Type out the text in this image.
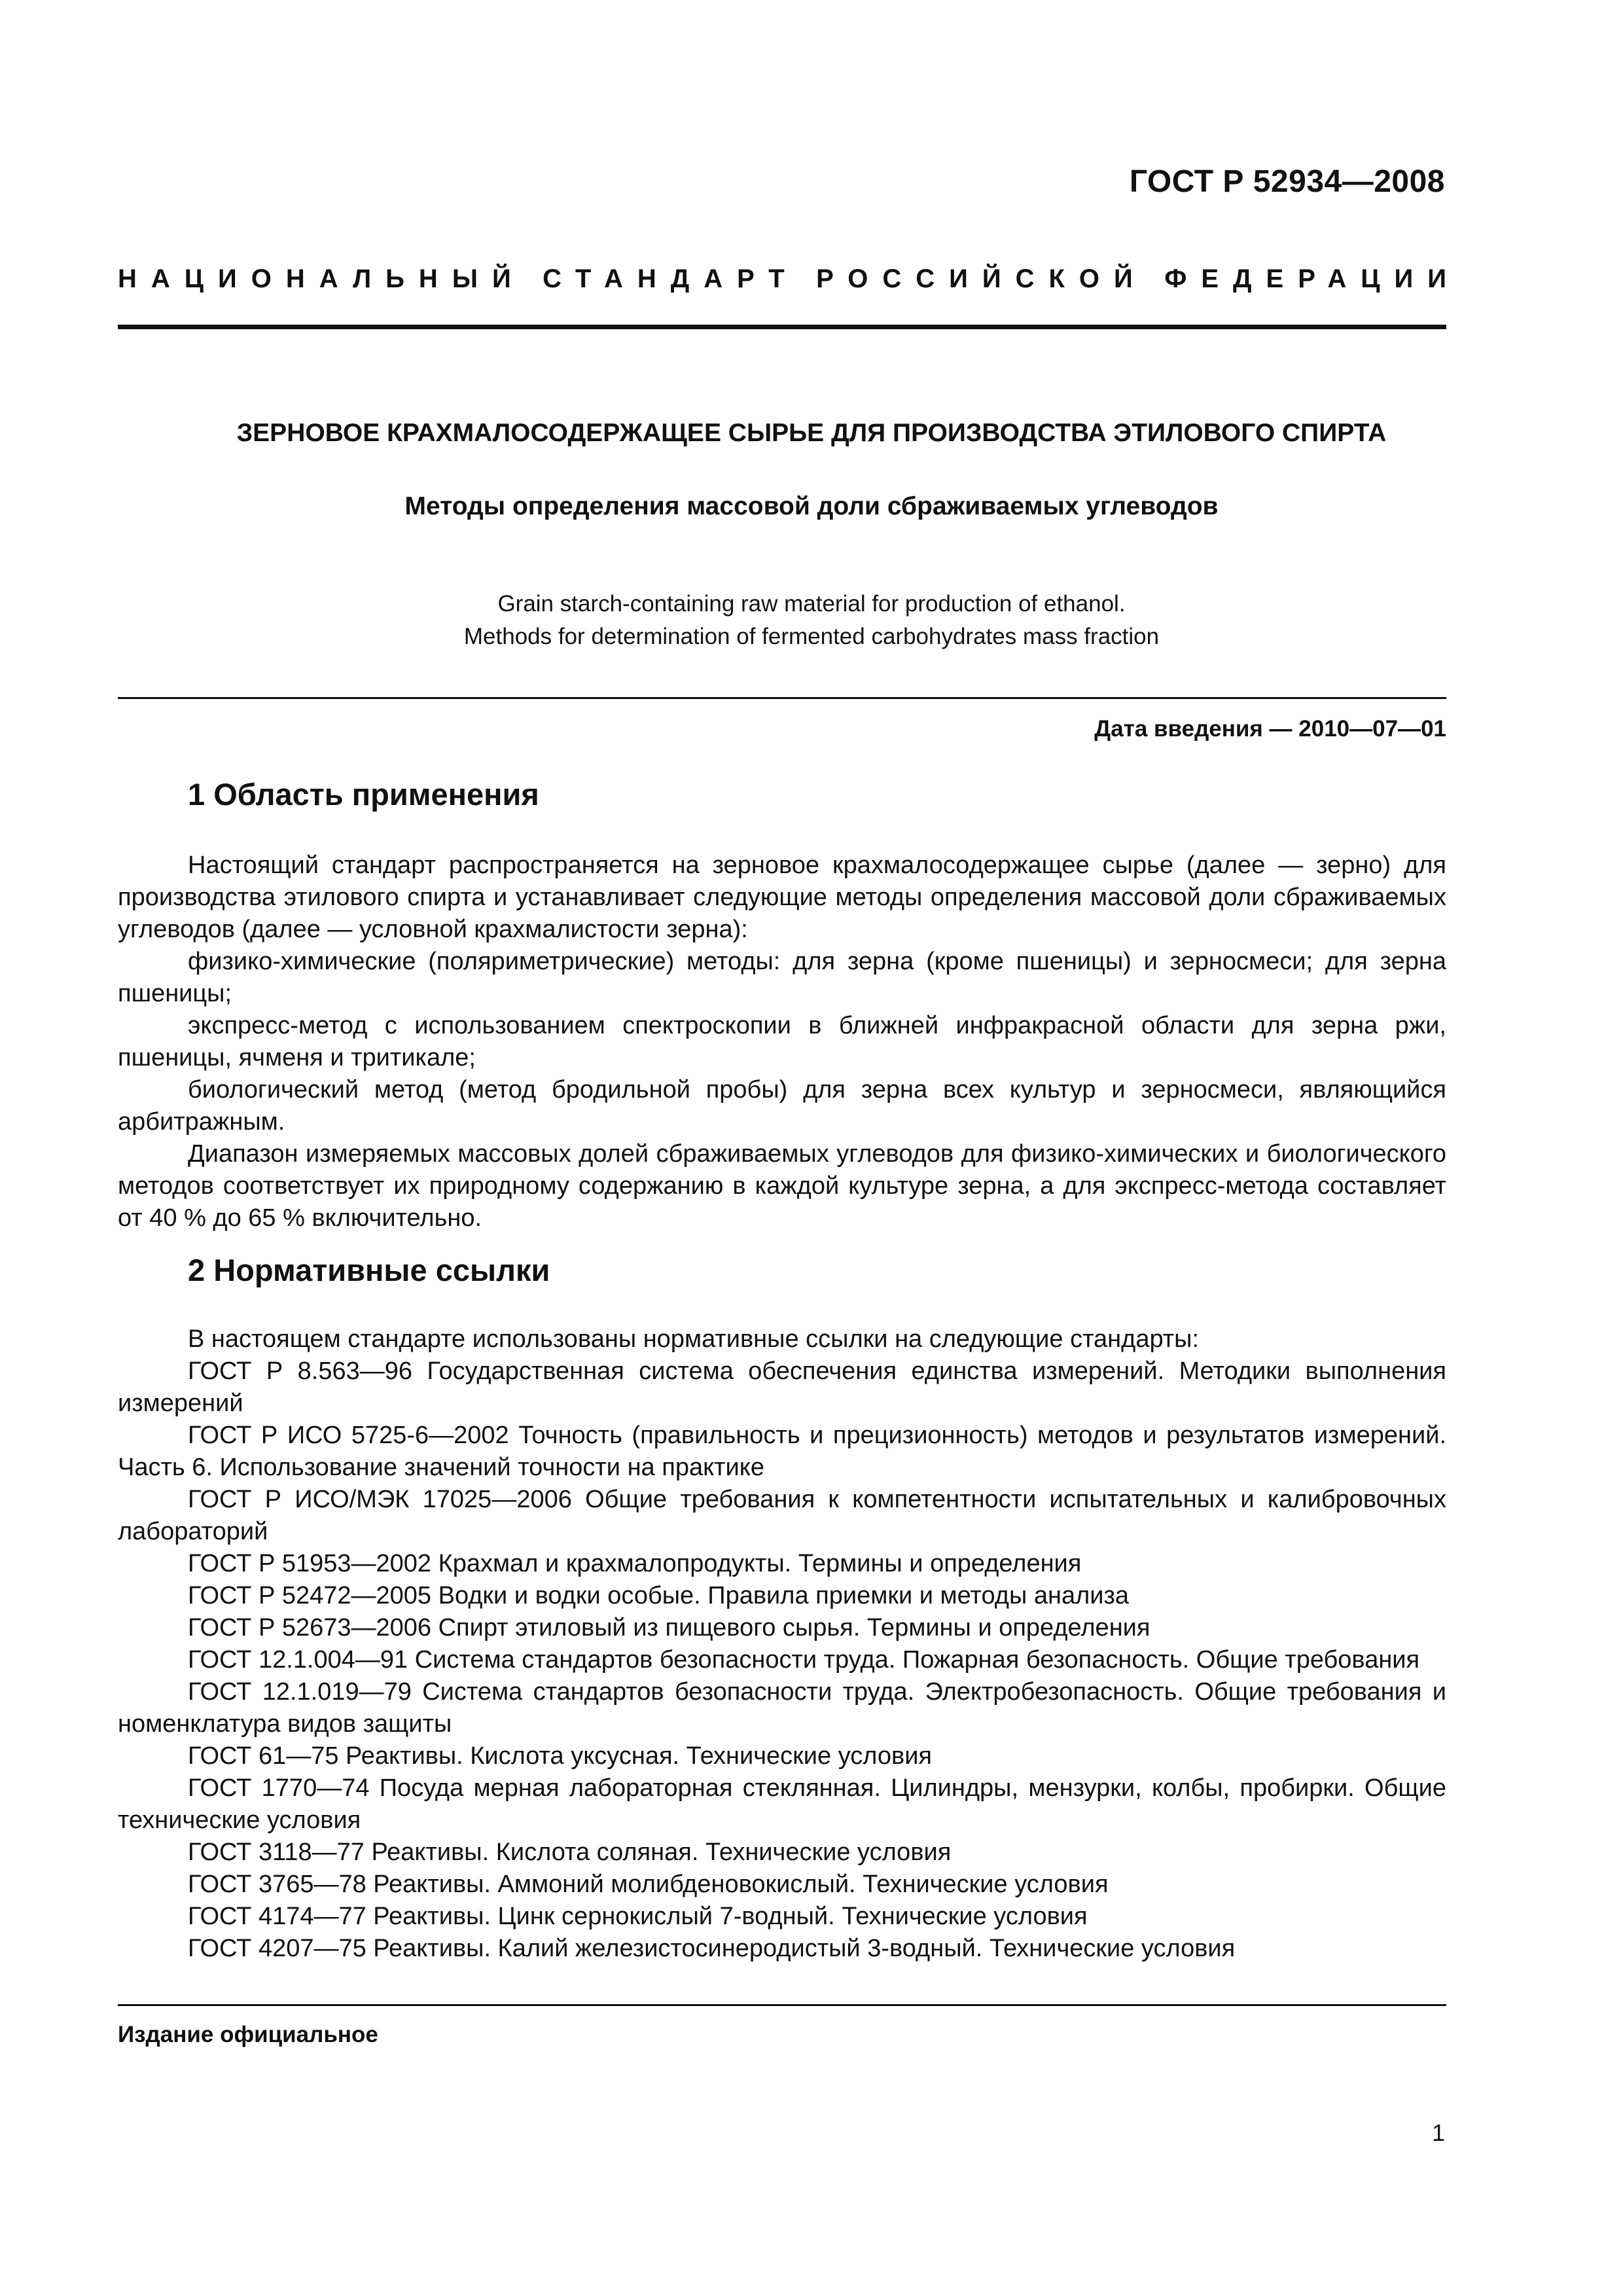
ГОСТ Р 52934—2008
НАЦИОНАЛЬНЫЙ СТАНДАРТ РОССИЙСКОЙ ФЕДЕРАЦИИ
ЗЕРНОВОЕ КРАХМАЛОСОДЕРЖАЩЕЕ СЫРЬЕ ДЛЯ ПРОИЗВОДСТВА ЭТИЛОВОГО СПИРТА
Методы определения массовой доли сбраживаемых углеводов
Grain starch-containing raw material for production of ethanol.
Methods for determination of fermented carbohydrates mass fraction
Дата введения — 2010—07—01
1 Область применения

Настоящий стандарт распространяется на зерновое крахмалосодержащее сырье (далее — зерно) для производства этилового спирта и устанавливает следующие методы определения массовой доли сбраживаемых углеводов (далее — условной крахмалистости зерна):

физико-химические (поляриметрические) методы: для зерна (кроме пшеницы) и зерносмеси; для зерна пшеницы;

экспресс-метод с использованием спектроскопии в ближней инфракрасной области для зерна ржи, пшеницы, ячменя и тритикале;

биологический метод (метод бродильной пробы) для зерна всех культур и зерносмеси, являющийся арбитражным.

Диапазон измеряемых массовых долей сбраживаемых углеводов для физико-химических и биологического методов соответствует их природному содержанию в каждой культуре зерна, а для экспресс-метода составляет от 40 % до 65 % включительно.

2 Нормативные ссылки

В настоящем стандарте использованы нормативные ссылки на следующие стандарты:

ГОСТ Р 8.563—96 Государственная система обеспечения единства измерений. Методики выполнения измерений

ГОСТ Р ИСО 5725-6—2002 Точность (правильность и прецизионность) методов и результатов измерений. Часть 6. Использование значений точности на практике

ГОСТ Р ИСО/МЭК 17025—2006 Общие требования к компетентности испытательных и калибровочных лабораторий

ГОСТ Р 51953—2002 Крахмал и крахмалопродукты. Термины и определения

ГОСТ Р 52472—2005 Водки и водки особые. Правила приемки и методы анализа

ГОСТ Р 52673—2006 Спирт этиловый из пищевого сырья. Термины и определения

ГОСТ 12.1.004—91 Система стандартов безопасности труда. Пожарная безопасность. Общие требования

ГОСТ 12.1.019—79 Система стандартов безопасности труда. Электробезопасность. Общие требования и номенклатура видов защиты

ГОСТ 61—75 Реактивы. Кислота уксусная. Технические условия

ГОСТ 1770—74 Посуда мерная лабораторная стеклянная. Цилиндры, мензурки, колбы, пробирки. Общие технические условия

ГОСТ 3118—77 Реактивы. Кислота соляная. Технические условия

ГОСТ 3765—78 Реактивы. Аммоний молибденовокислый. Технические условия

ГОСТ 4174—77 Реактивы. Цинк сернокислый 7-водный. Технические условия

ГОСТ 4207—75 Реактивы. Калий железистосинеродистый 3-водный. Технические условия

Издание официальное
1
